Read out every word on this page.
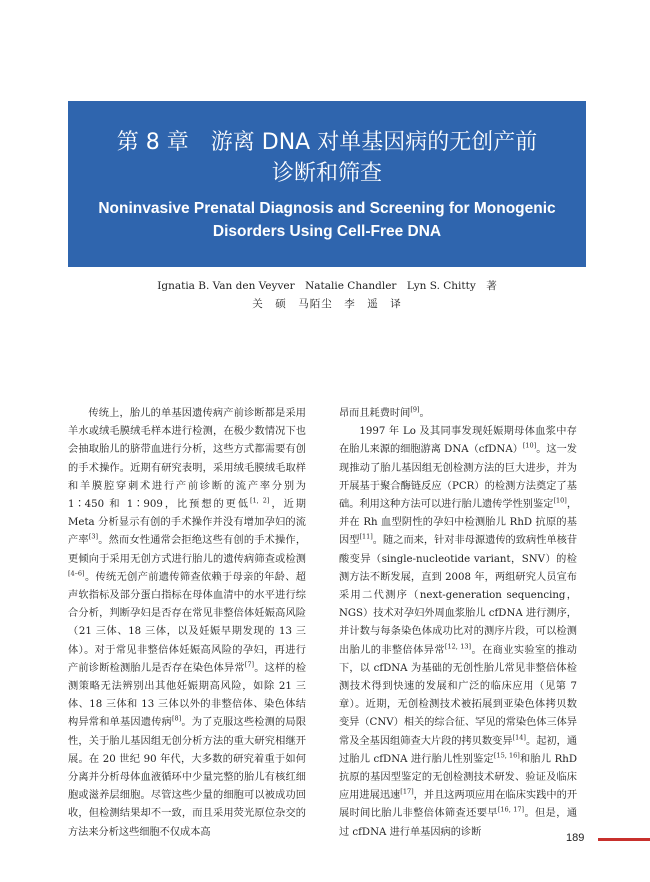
第 8 章　游离 DNA 对单基因病的无创产前
诊断和筛查
Noninvasive Prenatal Diagnosis and Screening for Monogenic
Disorders Using Cell-Free DNA
Ignatia B. Van den Veyver　Natalie Chandler　Lyn S. Chitty　著
关　硕　马陌尘　李　遥　译

传统上，胎儿的单基因遗传病产前诊断都是采用羊水或绒毛膜绒毛样本进行检测，在极少数情况下也会抽取胎儿的脐带血进行分析，这些方式都需要有创的手术操作。近期有研究表明，采用绒毛膜绒毛取样和羊膜腔穿刺术进行产前诊断的流产率分别为 1∶450 和 1∶909，比预想的更低[1, 2]，近期 Meta 分析显示有创的手术操作并没有增加孕妇的流产率[3]。然而女性通常会拒绝这些有创的手术操作，更倾向于采用无创方式进行胎儿的遗传病筛查或检测[4–6]。传统无创产前遗传筛查依赖于母亲的年龄、超声软指标及部分蛋白指标在母体血清中的水平进行综合分析，判断孕妇是否存在常见非整倍体妊娠高风险（21 三体、18 三体，以及妊娠早期发现的 13 三体）。对于常见非整倍体妊娠高风险的孕妇，再进行产前诊断检测胎儿是否存在染色体异常[7]。这样的检测策略无法辨别出其他妊娠期高风险，如除 21 三体、18 三体和 13 三体以外的非整倍体、染色体结构异常和单基因遗传病[8]。为了克服这些检测的局限性，关于胎儿基因组无创分析方法的重大研究相继开展。在 20 世纪 90 年代，大多数的研究着重于如何分离并分析母体血液循环中少量完整的胎儿有核红细胞或滋养层细胞。尽管这些少量的细胞可以被成功回收，但检测结果却不一致，而且采用荧光原位杂交的方法来分析这些细胞不仅成本高

昂而且耗费时间[9]。

1997 年 Lo 及其同事发现妊娠期母体血浆中存在胎儿来源的细胞游离 DNA（cfDNA）[10]。这一发现推动了胎儿基因组无创检测方法的巨大进步，并为开展基于聚合酶链反应（PCR）的检测方法奠定了基础。利用这种方法可以进行胎儿遗传学性别鉴定[10]，并在 Rh 血型阴性的孕妇中检测胎儿 RhD 抗原的基因型[11]。随之而来，针对非母源遗传的致病性单核苷酸变异（single-nucleotide variant，SNV）的检测方法不断发展，直到 2008 年，两组研究人员宣布采用二代测序（next-generation sequencing，NGS）技术对孕妇外周血浆胎儿 cfDNA 进行测序，并计数与每条染色体成功比对的测序片段，可以检测出胎儿的非整倍体异常[12, 13]。在商业实验室的推动下，以 cfDNA 为基础的无创性胎儿常见非整倍体检测技术得到快速的发展和广泛的临床应用（见第 7 章）。近期，无创检测技术被拓展到亚染色体拷贝数变异（CNV）相关的综合征、罕见的常染色体三体异常及全基因组筛查大片段的拷贝数变异[14]。起初，通过胎儿 cfDNA 进行胎儿性别鉴定[15, 16]和胎儿 RhD 抗原的基因型鉴定的无创检测技术研发、验证及临床应用进展迅速[17]，并且这两项应用在临床实践中的开展时间比胎儿非整倍体筛查还要早[16, 17]。但是，通过 cfDNA 进行单基因病的诊断	189
